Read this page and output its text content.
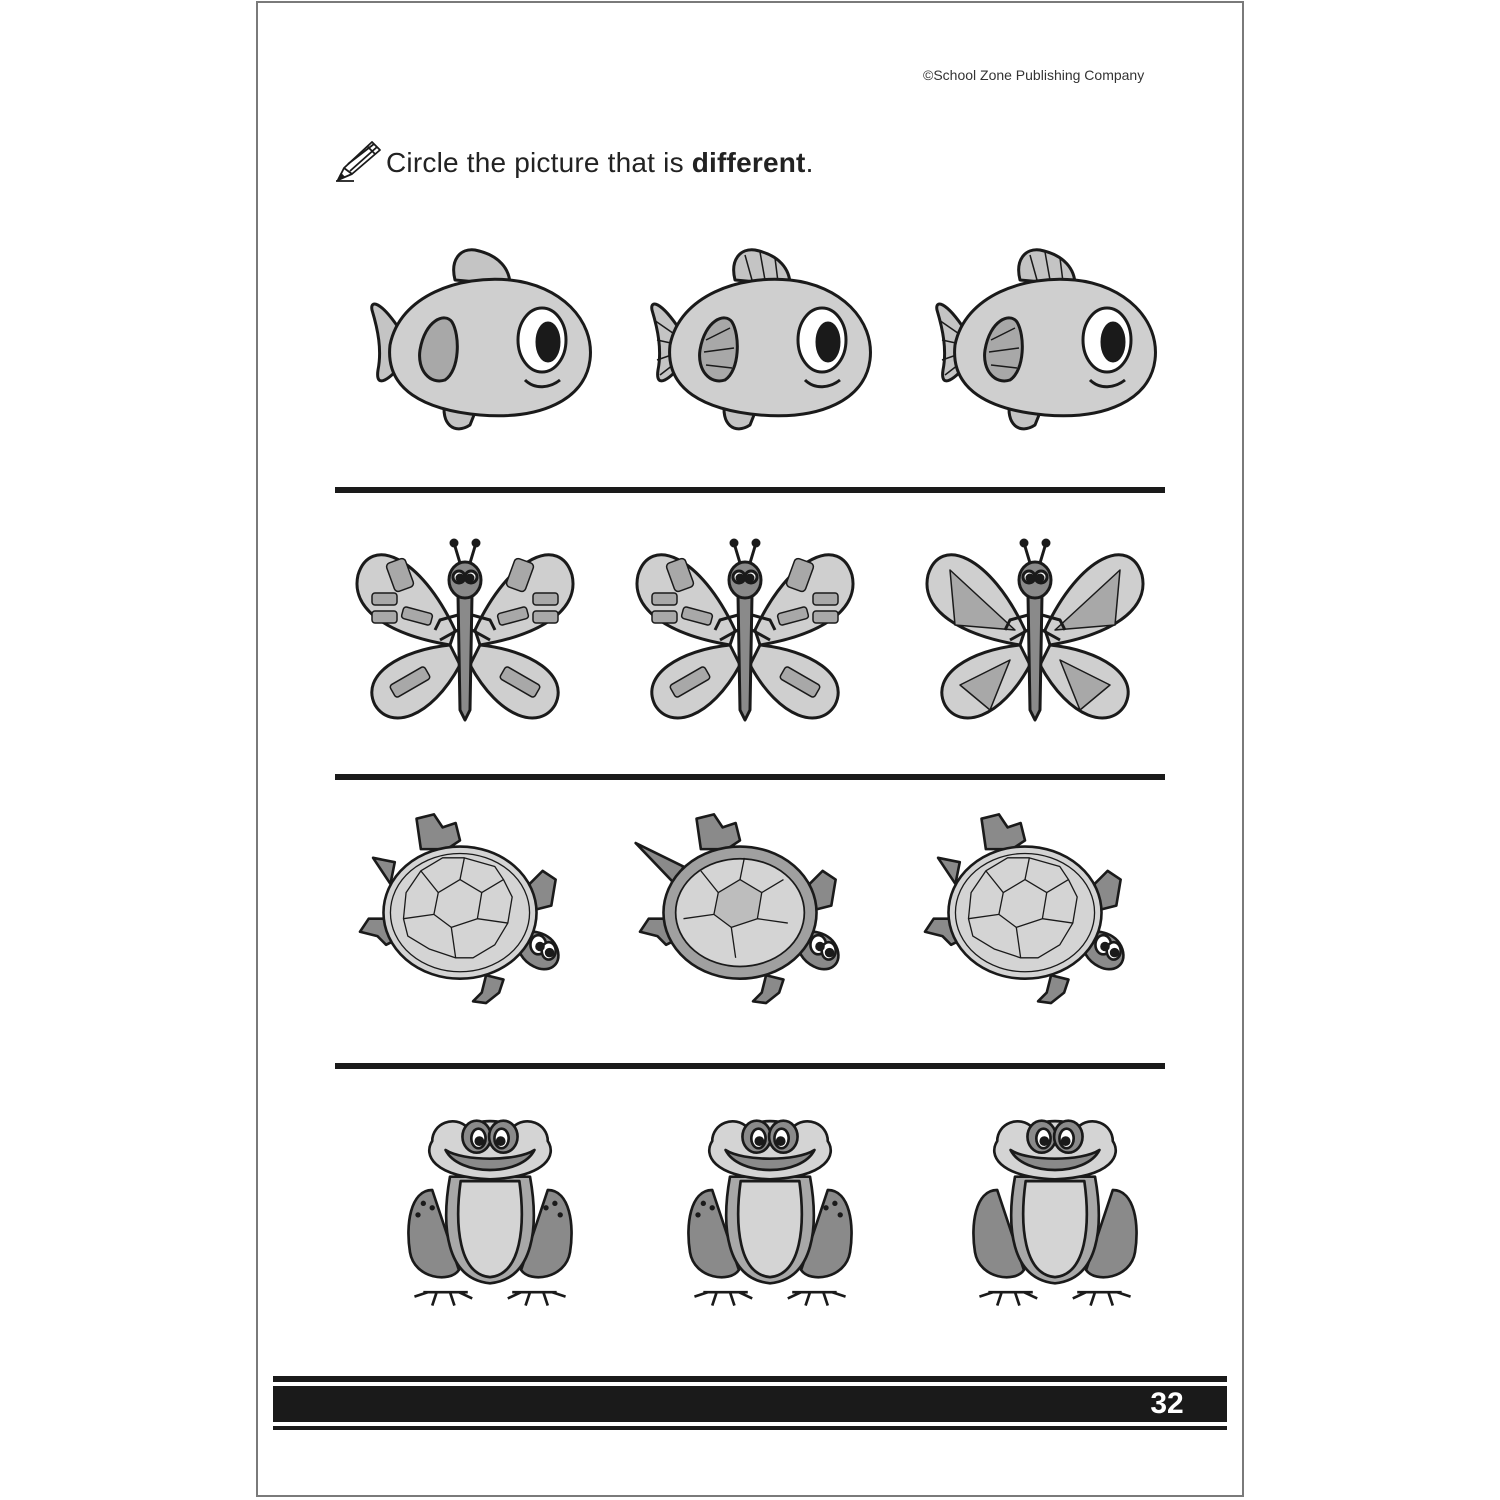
©School Zone Publishing Company
Circle the picture that is different.
32
